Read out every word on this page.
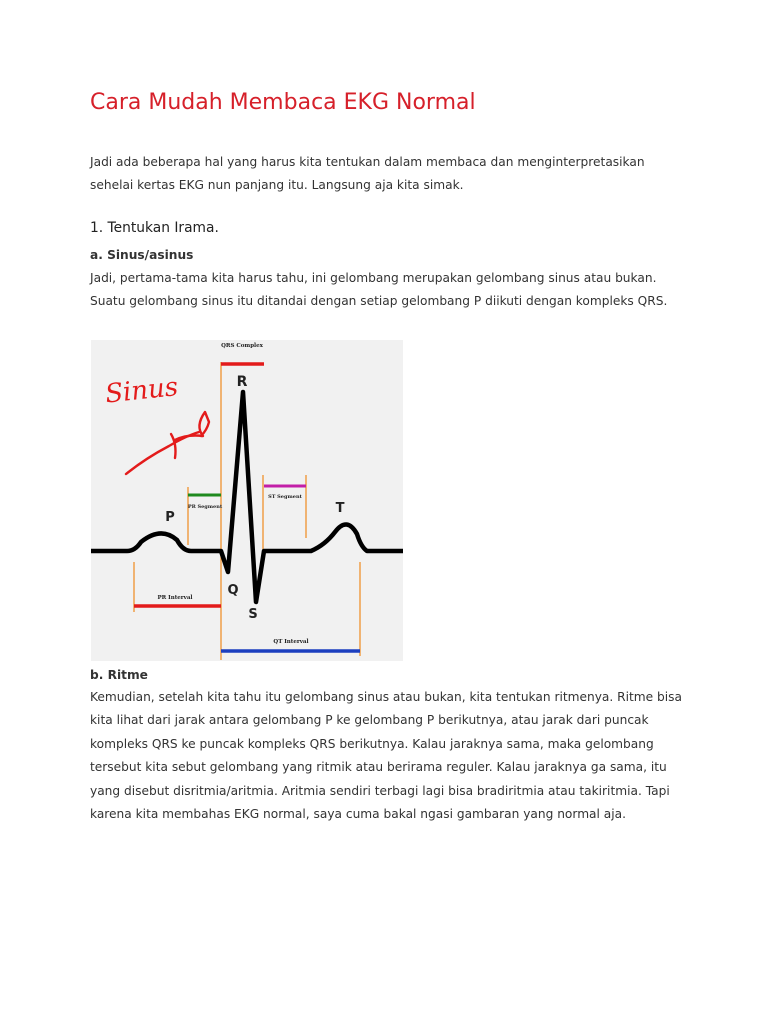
Cara Mudah Membaca EKG Normal

Jadi ada beberapa hal yang harus kita tentukan dalam membaca dan menginterpretasikan sehelai kertas EKG nun panjang itu. Langsung aja kita simak.

1. Tentukan Irama.
a. Sinus/asinus

Jadi, pertama-tama kita harus tahu, ini gelombang merupakan gelombang sinus atau bukan. Suatu gelombang sinus itu ditandai dengan setiap gelombang P diikuti dengan kompleks QRS.

QRS Complex
PR Segment
ST Segment
PR Interval
QT Interval
R
P
T
Q
S
Sinus
b. Ritme

Kemudian, setelah kita tahu itu gelombang sinus atau bukan, kita tentukan ritmenya. Ritme bisa kita lihat dari jarak antara gelombang P ke gelombang P berikutnya, atau jarak dari puncak kompleks QRS ke puncak kompleks QRS berikutnya. Kalau jaraknya sama, maka gelombang tersebut kita sebut gelombang yang ritmik atau berirama reguler. Kalau jaraknya ga sama, itu yang disebut disritmia/aritmia. Aritmia sendiri terbagi lagi bisa bradiritmia atau takiritmia. Tapi karena kita membahas EKG normal, saya cuma bakal ngasi gambaran yang normal aja.
